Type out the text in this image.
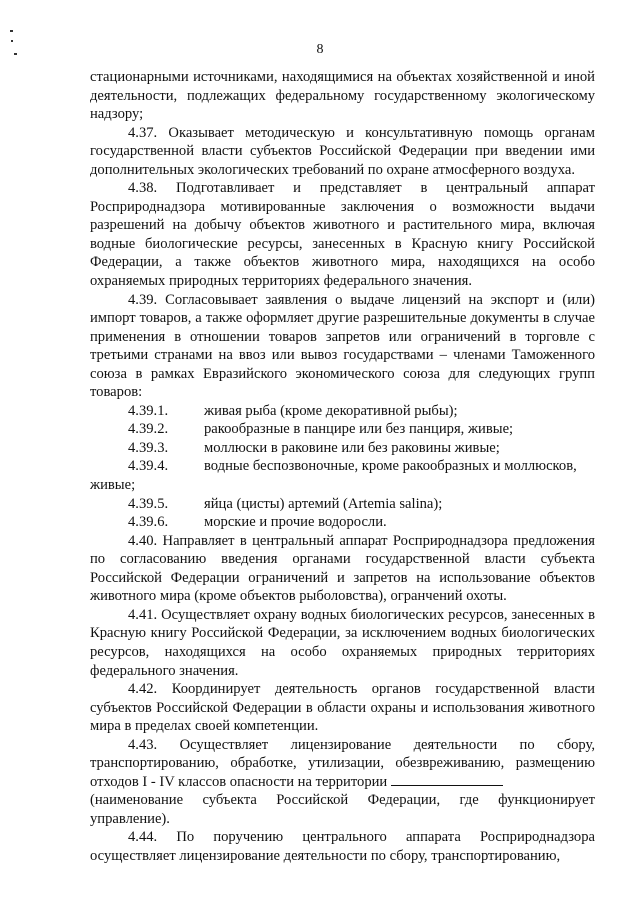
8

стационарными источниками, находящимися на объектах хозяйственной и иной деятельности, подлежащих федеральному государственному экологическому надзору;

4.37. Оказывает методическую и консультативную помощь органам государственной власти субъектов Российской Федерации при введении ими дополнительных экологических требований по охране атмосферного воздуха.

4.38. Подготавливает и представляет в центральный аппарат Росприроднадзора мотивированные заключения о возможности выдачи разрешений на добычу объектов животного и растительного мира, включая водные биологические ресурсы, занесенных в Красную книгу Российской Федерации, а также объектов животного мира, находящихся на особо охраняемых природных территориях федерального значения.

4.39. Согласовывает заявления о выдаче лицензий на экспорт и (или) импорт товаров, а также оформляет другие разрешительные документы в случае применения в отношении товаров запретов или ограничений в торговле с третьими странами на ввоз или вывоз государствами – членами Таможенного союза в рамках Евразийского экономического союза для следующих групп товаров:

4.39.1.	живая рыба (кроме декоративной рыбы);
4.39.2.	ракообразные в панцире или без панциря, живые;
4.39.3.	моллюски в раковине или без раковины живые;
4.39.4.	водные беспозвоночные, кроме ракообразных и моллюсков,

живые;

4.39.5.	яйца (цисты) артемий (Artemia salina);
4.39.6.	морские и прочие водоросли.

4.40. Направляет в центральный аппарат Росприроднадзора предложения по согласованию введения органами государственной власти субъекта Российской Федерации ограничений и запретов на использование объектов животного мира (кроме объектов рыболовства), огранчений охоты.

4.41. Осуществляет охрану водных биологических ресурсов, занесенных в Красную книгу Российской Федерации, за исключением водных биологических ресурсов, находящихся на особо охраняемых природных территориях федерального значения.

4.42. Координирует деятельность органов государственной власти субъектов Российской Федерации в области охраны и использования животного мира в пределах своей компетенции.

4.43. Осуществляет лицензирование деятельности по сбору, транспортированию, обработке, утилизации, обезвреживанию, размещению отходов I - IV классов опасности на территории

(наименование субъекта Российской Федерации, где функционирует управление).

4.44. По поручению центрального аппарата Росприроднадзора осуществляет лицензирование деятельности по сбору, транспортированию,
